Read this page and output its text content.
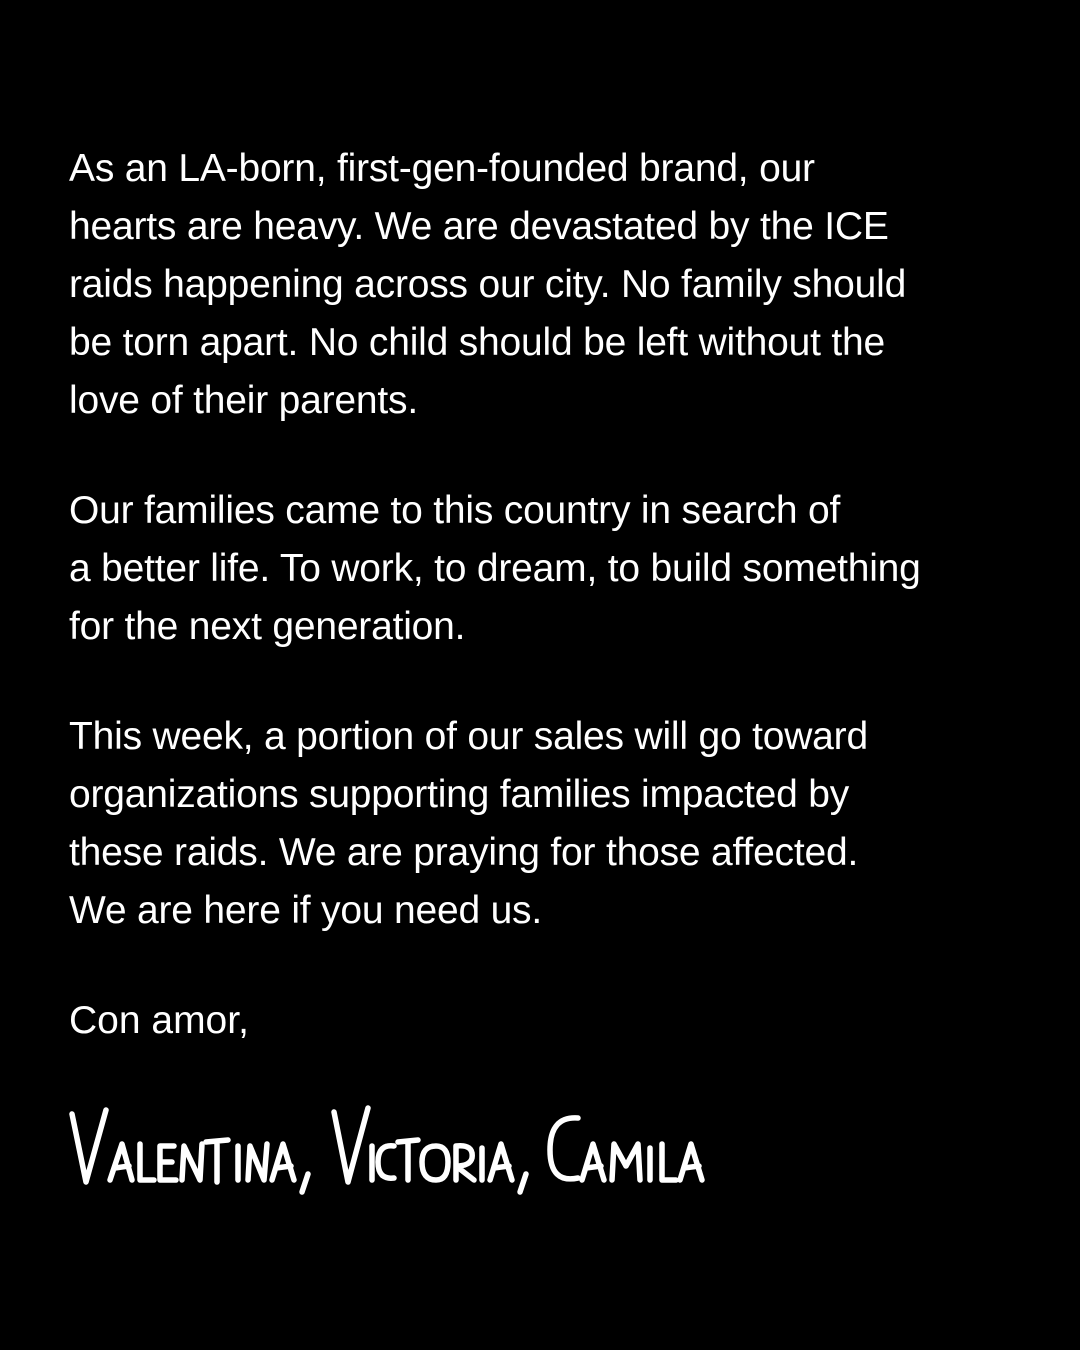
As an LA-born, first-gen-founded brand, our
hearts are heavy. We are devastated by the ICE
raids happening across our city. No family should
be torn apart. No child should be left without the
love of their parents.

Our families came to this country in search of
a better life. To work, to dream, to build something
for the next generation.

This week, a portion of our sales will go toward
organizations supporting families impacted by
these raids. We are praying for those affected.
We are here if you need us.

Con amor,
